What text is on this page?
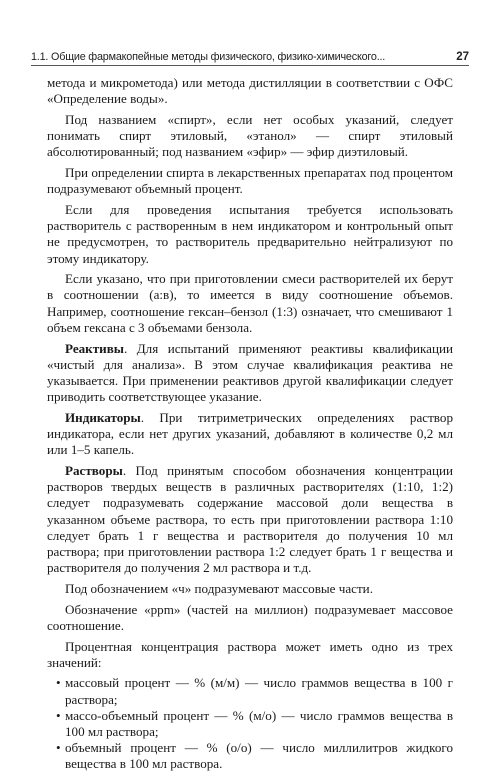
1.1. Общие фармакопейные методы физического, физико-химического...	27

метода и микрометода) или метода дистилляции в соответствии с ОФС «Определение воды».

Под названием «спирт», если нет особых указаний, следует понимать спирт этиловый, «этанол» — спирт этиловый абсолютированный; под названием «эфир» — эфир диэтиловый.

При определении спирта в лекарственных препаратах под процентом подразумевают объемный процент.

Если для проведения испытания требуется использовать растворитель с растворенным в нем индикатором и контрольный опыт не предусмотрен, то растворитель предварительно нейтрализуют по этому индикатору.

Если указано, что при приготовлении смеси растворителей их берут в соотношении (а:в), то имеется в виду соотношение объемов. Например, соотношение гексан–бензол (1:3) означает, что смешивают 1 объем гексана с 3 объемами бензола.

Реактивы. Для испытаний применяют реактивы квалификации «чистый для анализа». В этом случае квалификация реактива не указывается. При применении реактивов другой квалификации следует приводить соответствующее указание.

Индикаторы. При титриметрических определениях раствор индикатора, если нет других указаний, добавляют в количестве 0,2 мл или 1–5 капель.

Растворы. Под принятым способом обозначения концентрации растворов твердых веществ в различных растворителях (1:10, 1:2) следует подразумевать содержание массовой доли вещества в указанном объеме раствора, то есть при приготовлении раствора 1:10 следует брать 1 г вещества и растворителя до получения 10 мл раствора; при приготовлении раствора 1:2 следует брать 1 г вещества и растворителя до получения 2 мл раствора и т.д.

Под обозначением «ч» подразумевают массовые части.

Обозначение «ppm» (частей на миллион) подразумевает массовое соотношение.

Процентная концентрация раствора может иметь одно из трех значений:

• массовый процент — % (м/м) — число граммов вещества в 100 г раствора;
• массо-объемный процент — % (м/о) — число граммов вещества в 100 мл раствора;
• объемный процент — % (о/о) — число миллилитров жидкого вещества в 100 мл раствора.
